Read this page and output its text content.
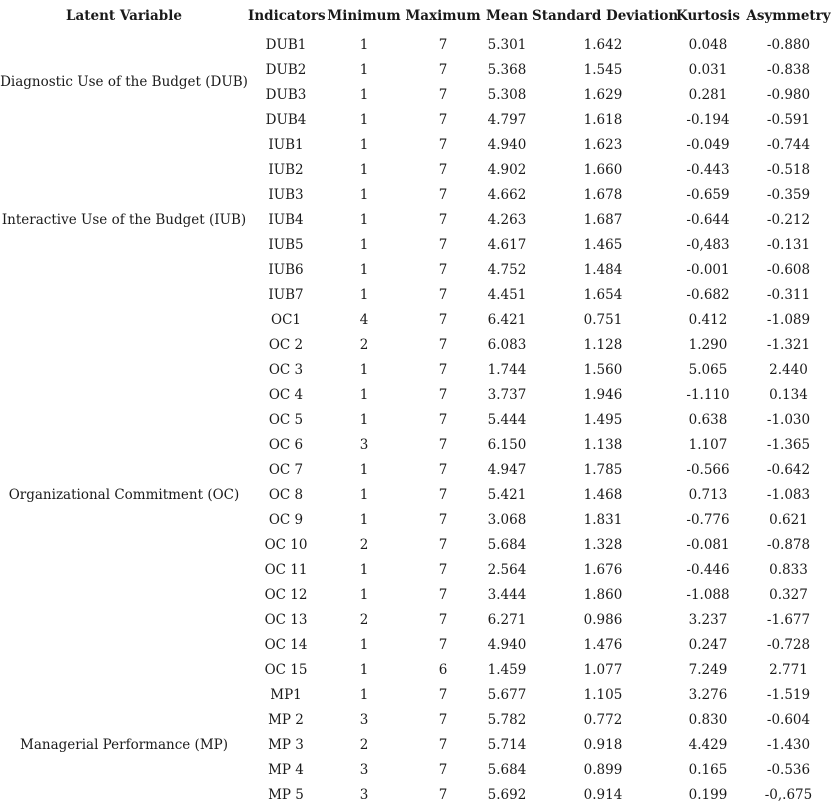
Latent Variable	Indicators	Minimum	Maximum	Mean	Standard Deviation	Kurtosis	Asymmetry
Diagnostic Use of the Budget (DUB)	DUB1	1	7	5.301	1.642	0.048	-0.880
	DUB2	1	7	5.368	1.545	0.031	-0.838
	DUB3	1	7	5.308	1.629	0.281	-0.980
	DUB4	1	7	4.797	1.618	-0.194	-0.591
Interactive Use of the Budget (IUB)	IUB1	1	7	4.940	1.623	-0.049	-0.744
	IUB2	1	7	4.902	1.660	-0.443	-0.518
	IUB3	1	7	4.662	1.678	-0.659	-0.359
	IUB4	1	7	4.263	1.687	-0.644	-0.212
	IUB5	1	7	4.617	1.465	-0,483	-0.131
	IUB6	1	7	4.752	1.484	-0.001	-0.608
	IUB7	1	7	4.451	1.654	-0.682	-0.311
Organizational Commitment (OC)	OC1	4	7	6.421	0.751	0.412	-1.089
	OC 2	2	7	6.083	1.128	1.290	-1.321
	OC 3	1	7	1.744	1.560	5.065	2.440
	OC 4	1	7	3.737	1.946	-1.110	0.134
	OC 5	1	7	5.444	1.495	0.638	-1.030
	OC 6	3	7	6.150	1.138	1.107	-1.365
	OC 7	1	7	4.947	1.785	-0.566	-0.642
	OC 8	1	7	5.421	1.468	0.713	-1.083
	OC 9	1	7	3.068	1.831	-0.776	0.621
	OC 10	2	7	5.684	1.328	-0.081	-0.878
	OC 11	1	7	2.564	1.676	-0.446	0.833
	OC 12	1	7	3.444	1.860	-1.088	0.327
	OC 13	2	7	6.271	0.986	3.237	-1.677
	OC 14	1	7	4.940	1.476	0.247	-0.728
	OC 15	1	6	1.459	1.077	7.249	2.771
Managerial Performance (MP)	MP1	1	7	5.677	1.105	3.276	-1.519
	MP 2	3	7	5.782	0.772	0.830	-0.604
	MP 3	2	7	5.714	0.918	4.429	-1.430
	MP 4	3	7	5.684	0.899	0.165	-0.536
	MP 5	3	7	5.692	0.914	0.199	-0,.675
